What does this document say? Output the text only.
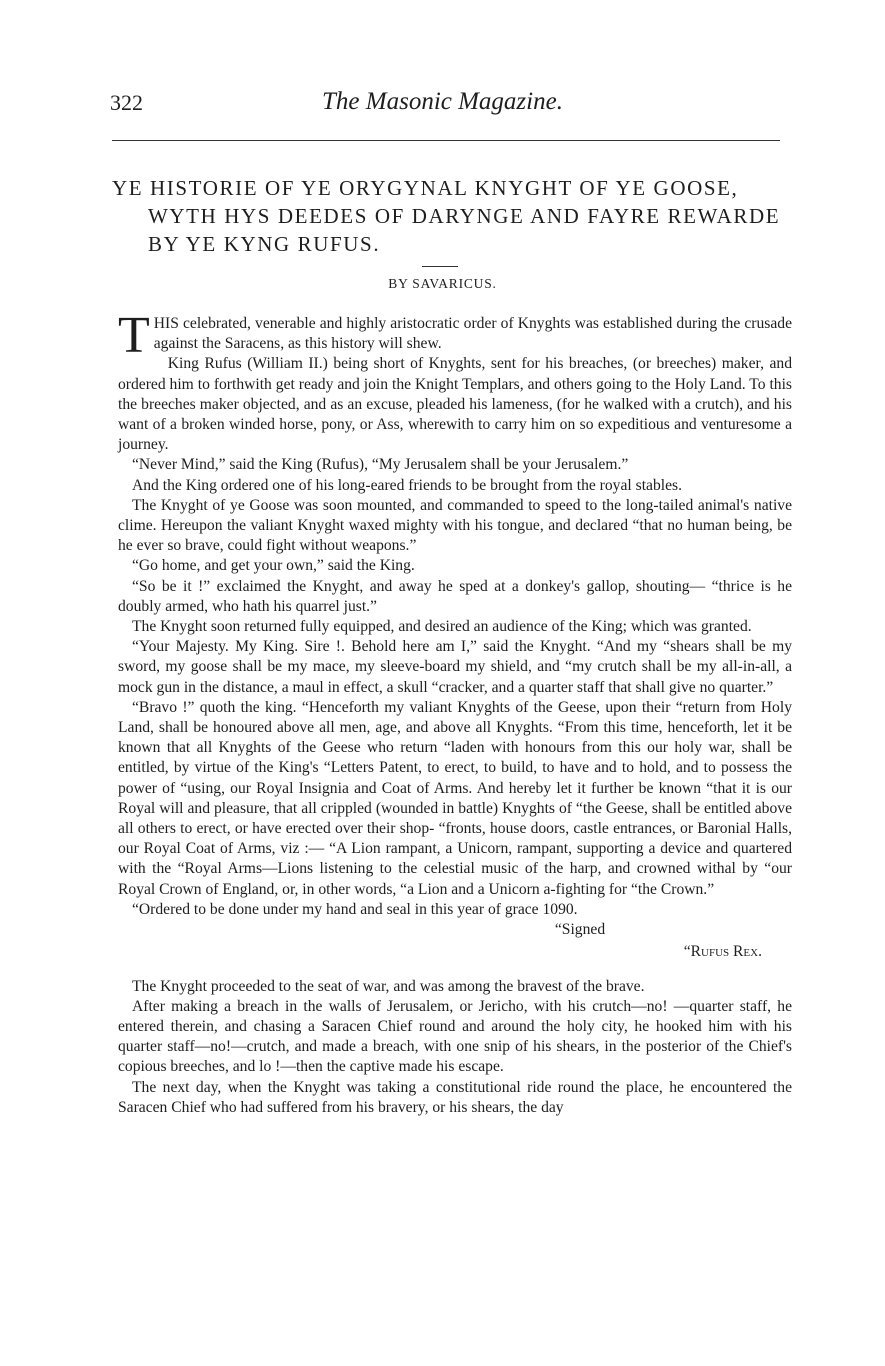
322	The Masonic Magazine.
YE HISTORIE OF YE ORYGYNAL KNYGHT OF YE GOOSE,
WYTH HYS DEEDES OF DARYNGE AND FAYRE REWARDE
BY YE KYNG RUFUS.
BY SAVARICUS.

THIS celebrated, venerable and highly aristocratic order of Knyghts was established during the crusade against the Saracens, as this history will shew.

King Rufus (William II.) being short of Knyghts, sent for his breaches, (or breeches) maker, and ordered him to forthwith get ready and join the Knight Templars, and others going to the Holy Land. To this the breeches maker objected, and as an excuse, pleaded his lameness, (for he walked with a crutch), and his want of a broken winded horse, pony, or Ass, wherewith to carry him on so expeditious and venturesome a journey.

“Never Mind,” said the King (Rufus), “My Jerusalem shall be your Jerusalem.”

And the King ordered one of his long-eared friends to be brought from the royal stables.

The Knyght of ye Goose was soon mounted, and commanded to speed to the long-tailed animal's native clime. Hereupon the valiant Knyght waxed mighty with his tongue, and declared “that no human being, be he ever so brave, could fight without weapons.”

“Go home, and get your own,” said the King.

“So be it !” exclaimed the Knyght, and away he sped at a donkey's gallop, shouting— “thrice is he doubly armed, who hath his quarrel just.”

The Knyght soon returned fully equipped, and desired an audience of the King; which was granted.

“Your Majesty. My King. Sire !. Behold here am I,” said the Knyght. “And my “shears shall be my sword, my goose shall be my mace, my sleeve-board my shield, and “my crutch shall be my all-in-all, a mock gun in the distance, a maul in effect, a skull “cracker, and a quarter staff that shall give no quarter.”

“Bravo !” quoth the king. “Henceforth my valiant Knyghts of the Geese, upon their “return from Holy Land, shall be honoured above all men, age, and above all Knyghts. “From this time, henceforth, let it be known that all Knyghts of the Geese who return “laden with honours from this our holy war, shall be entitled, by virtue of the King's “Letters Patent, to erect, to build, to have and to hold, and to possess the power of “using, our Royal Insignia and Coat of Arms. And hereby let it further be known “that it is our Royal will and pleasure, that all crippled (wounded in battle) Knyghts of “the Geese, shall be entitled above all others to erect, or have erected over their shop- “fronts, house doors, castle entrances, or Baronial Halls, our Royal Coat of Arms, viz :— “A Lion rampant, a Unicorn, rampant, supporting a device and quartered with the “Royal Arms—Lions listening to the celestial music of the harp, and crowned withal by “our Royal Crown of England, or, in other words, “a Lion and a Unicorn a-fighting for “the Crown.”

“Ordered to be done under my hand and seal in this year of grace 1090.

“Signed

“Rufus Rex.

The Knyght proceeded to the seat of war, and was among the bravest of the brave.

After making a breach in the walls of Jerusalem, or Jericho, with his crutch—no! —quarter staff, he entered therein, and chasing a Saracen Chief round and around the holy city, he hooked him with his quarter staff—no!—crutch, and made a breach, with one snip of his shears, in the posterior of the Chief's copious breeches, and lo !—then the captive made his escape.

The next day, when the Knyght was taking a constitutional ride round the place, he encountered the Saracen Chief who had suffered from his bravery, or his shears, the day
